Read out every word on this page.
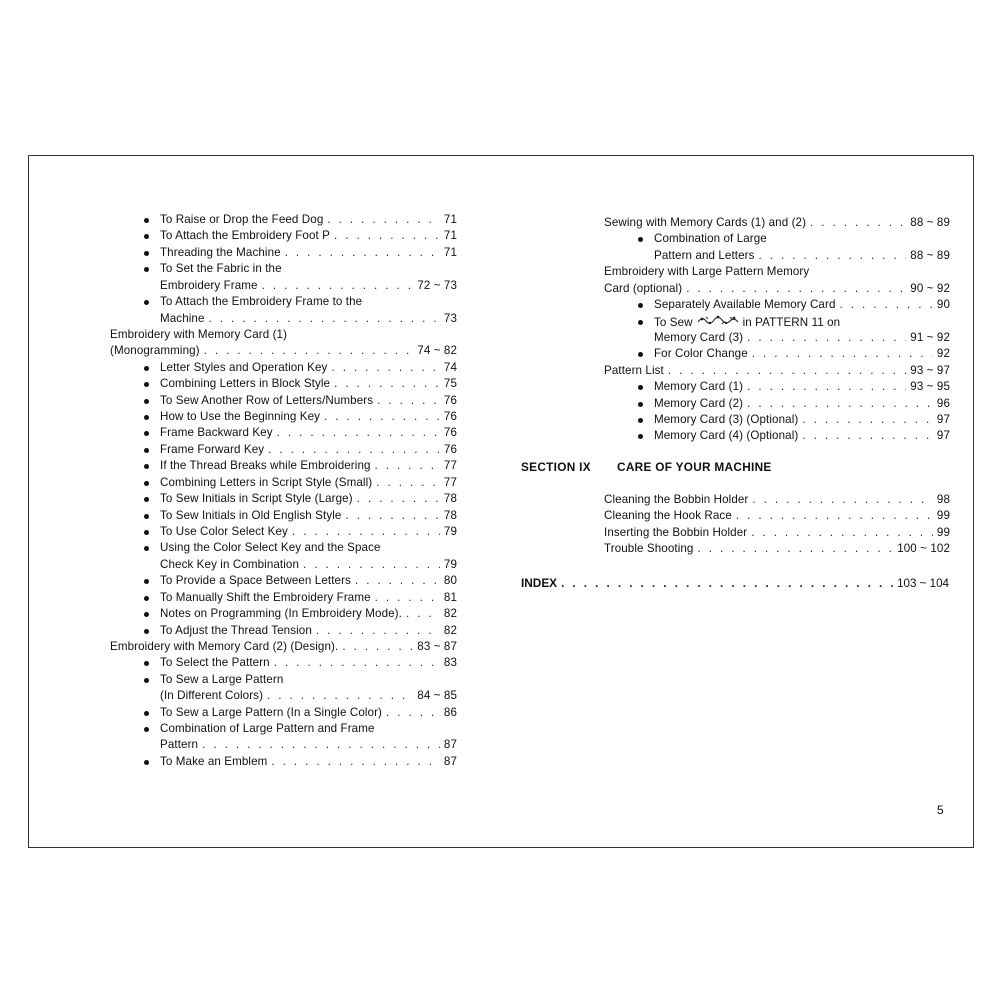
To Raise or Drop the Feed Dog . . .	71
To Attach the Embroidery Foot P . . .	71
Threading the Machine . . .	71
To Set the Fabric in the
Embroidery Frame . . .	72 ~ 73
To Attach the Embroidery Frame to the
Machine . . .	73
Embroidery with Memory Card (1)
(Monogramming) . . .	74 ~ 82
Letter Styles and Operation Key . . .	74
Combining Letters in Block Style . . .	75
To Sew Another Row of Letters/Numbers . . .	76
How to Use the Beginning Key . . .	76
Frame Backward Key . . .	76
Frame Forward Key . . .	76
If the Thread Breaks while Embroidering . . .	77
Combining Letters in Script Style (Small) . . .	77
To Sew Initials in Script Style (Large) . . .	78
To Sew Initials in Old English Style . . .	78
To Use Color Select Key . . .	79
Using the Color Select Key and the Space
Check Key in Combination . . .	79
To Provide a Space Between Letters . . .	80
To Manually Shift the Embroidery Frame . . .	81
Notes on Programming (In Embroidery Mode). . . .	82
To Adjust the Thread Tension . . .	82
Embroidery with Memory Card (2) (Design). . . .	83 ~ 87
To Select the Pattern . . .	83
To Sew a Large Pattern
(In Different Colors) . . .	84 ~ 85
To Sew a Large Pattern (In a Single Color) . . .	86
Combination of Large Pattern and Frame
Pattern . . .	87
To Make an Emblem . . .	87
Sewing with Memory Cards (1) and (2) . . .	88 ~ 89
Combination of Large
Pattern and Letters . . .	88 ~ 89
Embroidery with Large Pattern Memory
Card (optional) . . .	90 ~ 92
Separately Available Memory Card . . .	90
To Sew	in PATTERN 11 on
Memory Card (3) . . .	91 ~ 92
For Color Change . . .	92
Pattern List . . .	93 ~ 97
Memory Card (1) . . .	93 ~ 95
Memory Card (2) . . .	96
Memory Card (3) (Optional) . . .	97
Memory Card (4) (Optional) . . .	97
SECTION IX CARE OF YOUR MACHINE
Cleaning the Bobbin Holder . . .	98
Cleaning the Hook Race . . .	99
Inserting the Bobbin Holder . . .	99
Trouble Shooting . . .	100 ~ 102
INDEX . . .	103 ~ 104
5
